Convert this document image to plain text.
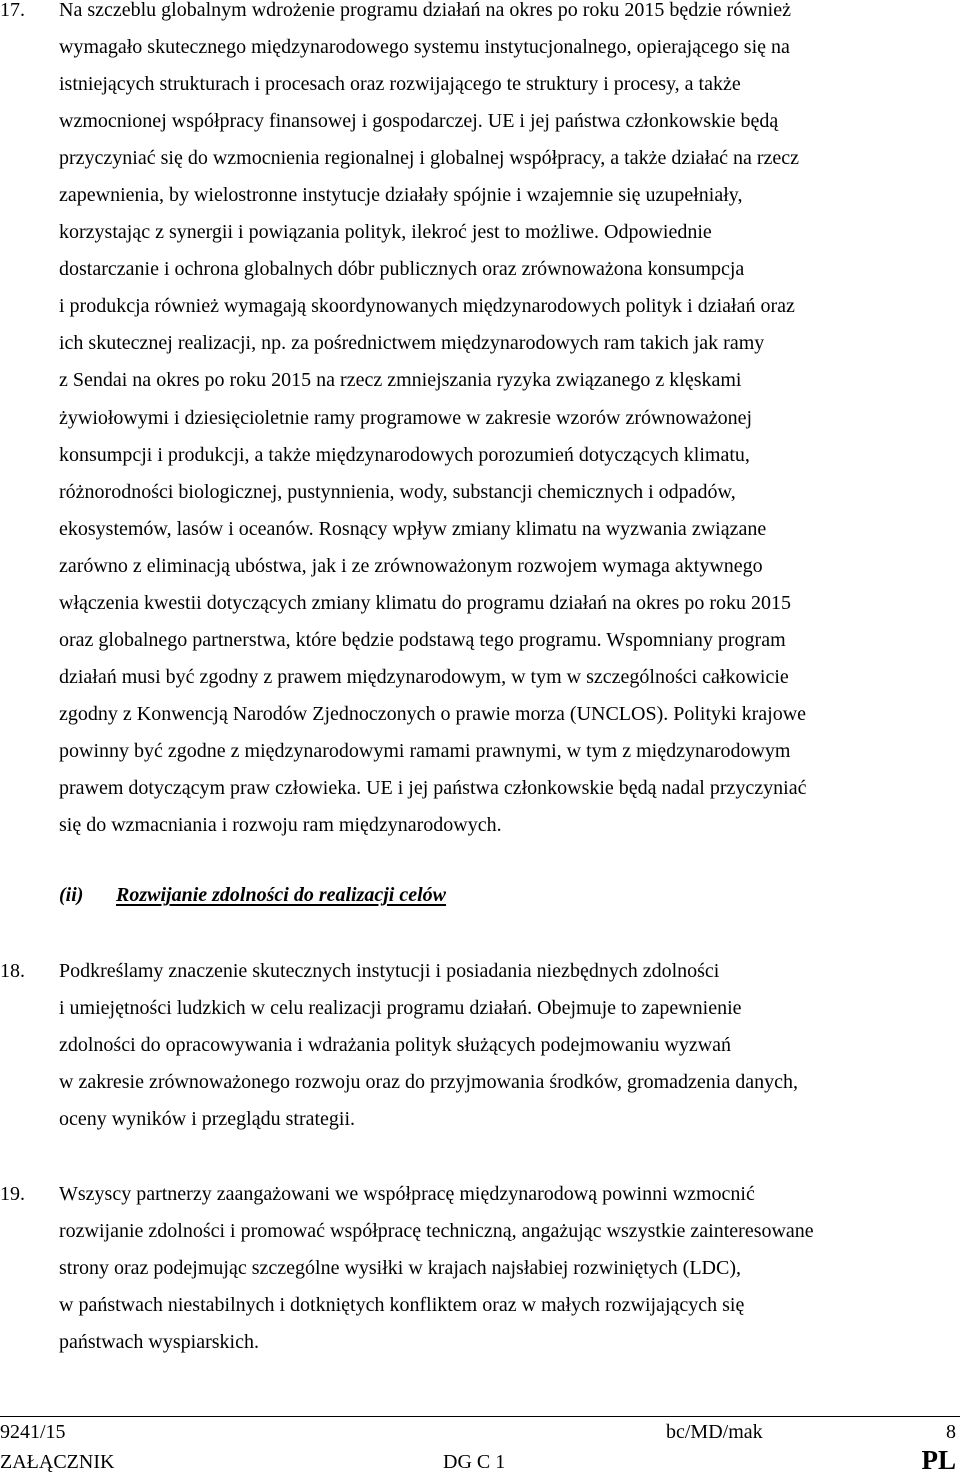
17. Na szczeblu globalnym wdrożenie programu działań na okres po roku 2015 będzie również
wymagało skutecznego międzynarodowego systemu instytucjonalnego, opierającego się na
istniejących strukturach i procesach oraz rozwijającego te struktury i procesy, a także
wzmocnionej współpracy finansowej i gospodarczej. UE i jej państwa członkowskie będą
przyczyniać się do wzmocnienia regionalnej i globalnej współpracy, a także działać na rzecz
zapewnienia, by wielostronne instytucje działały spójnie i wzajemnie się uzupełniały,
korzystając z synergii i powiązania polityk, ilekroć jest to możliwe. Odpowiednie
dostarczanie i ochrona globalnych dóbr publicznych oraz zrównoważona konsumpcja
i produkcja również wymagają skoordynowanych międzynarodowych polityk i działań oraz
ich skutecznej realizacji, np. za pośrednictwem międzynarodowych ram takich jak ramy
z Sendai na okres po roku 2015 na rzecz zmniejszania ryzyka związanego z klęskami
żywiołowymi i dziesięcioletnie ramy programowe w zakresie wzorów zrównoważonej
konsumpcji i produkcji, a także międzynarodowych porozumień dotyczących klimatu,
różnorodności biologicznej, pustynnienia, wody, substancji chemicznych i odpadów,
ekosystemów, lasów i oceanów. Rosnący wpływ zmiany klimatu na wyzwania związane
zarówno z eliminacją ubóstwa, jak i ze zrównoważonym rozwojem wymaga aktywnego
włączenia kwestii dotyczących zmiany klimatu do programu działań na okres po roku 2015
oraz globalnego partnerstwa, które będzie podstawą tego programu. Wspomniany program
działań musi być zgodny z prawem międzynarodowym, w tym w szczególności całkowicie
zgodny z Konwencją Narodów Zjednoczonych o prawie morza (UNCLOS). Polityki krajowe
powinny być zgodne z międzynarodowymi ramami prawnymi, w tym z międzynarodowym
prawem dotyczącym praw człowieka. UE i jej państwa członkowskie będą nadal przyczyniać
się do wzmacniania i rozwoju ram międzynarodowych.
(ii) Rozwijanie zdolności do realizacji celów
18. Podkreślamy znaczenie skutecznych instytucji i posiadania niezbędnych zdolności
i umiejętności ludzkich w celu realizacji programu działań. Obejmuje to zapewnienie
zdolności do opracowywania i wdrażania polityk służących podejmowaniu wyzwań
w zakresie zrównoważonego rozwoju oraz do przyjmowania środków, gromadzenia danych,
oceny wyników i przeglądu strategii.
19. Wszyscy partnerzy zaangażowani we współpracę międzynarodową powinni wzmocnić
rozwijanie zdolności i promować współpracę techniczną, angażując wszystkie zainteresowane
strony oraz podejmując szczególne wysiłki w krajach najsłabiej rozwiniętych (LDC),
w państwach niestabilnych i dotkniętych konfliktem oraz w małych rozwijających się
państwach wyspiarskich.
9241/15	bc/MD/mak	8
ZAŁĄCZNIK	DG C 1	PL
